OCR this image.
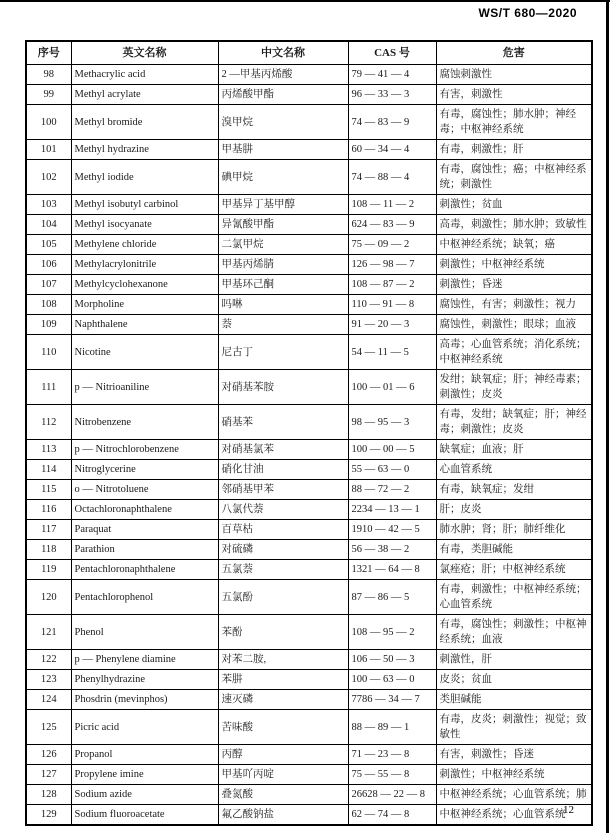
WS/T 680—2020
序号	英文名称	中文名称	CAS 号	危害
98	Methacrylic acid	2 —甲基丙烯酸	79 — 41 — 4	腐蚀刺激性
99	Methyl acrylate	丙烯酸甲酯	96 — 33 — 3	有害，刺激性
100	Methyl bromide	溴甲烷	74 — 83 — 9	有毒，腐蚀性；肺水肿；神经毒；中枢神经系统
101	Methyl hydrazine	甲基肼	60 — 34 — 4	有毒，刺激性；肝
102	Methyl iodide	碘甲烷	74 — 88 — 4	有毒，腐蚀性；癌；中枢神经系统；刺激性
103	Methyl isobutyl carbinol	甲基异丁基甲醇	108 — 11 — 2	刺激性；贫血
104	Methyl isocyanate	异氰酸甲酯	624 — 83 — 9	高毒，刺激性；肺水肿；致敏性
105	Methylene chloride	二氯甲烷	75 — 09 — 2	中枢神经系统；缺氧；癌
106	Methylacrylonitrile	甲基丙烯腈	126 — 98 — 7	刺激性；中枢神经系统
107	Methylcyclohexanone	甲基环己酮	108 — 87 — 2	刺激性；昏迷
108	Morpholine	吗啉	110 — 91 — 8	腐蚀性，有害；刺激性；视力
109	Naphthalene	萘	91 — 20 — 3	腐蚀性，刺激性；眼球；血液
110	Nicotine	尼古丁	54 — 11 — 5	高毒；心血管系统；消化系统；中枢神经系统
111	p — Nitrioaniline	对硝基苯胺	100 — 01 — 6	发绀；缺氧症；肝；神经毒素；刺激性；皮炎
112	Nitrobenzene	硝基苯	98 — 95 — 3	有毒，发绀；缺氧症；肝；神经毒；刺激性；皮炎
113	p — Nitrochlorobenzene	对硝基氯苯	100 — 00 — 5	缺氧症；血液；肝
114	Nitroglycerine	硝化甘油	55 — 63 — 0	心血管系统
115	o — Nitrotoluene	邻硝基甲苯	88 — 72 — 2	有毒，缺氧症；发绀
116	Octachloronaphthalene	八氯代萘	2234 — 13 — 1	肝；皮炎
117	Paraquat	百草枯	1910 — 42 — 5	肺水肿；肾；肝；肺纤维化
118	Parathion	对硫磷	56 — 38 — 2	有毒，类胆碱能
119	Pentachloronaphthalene	五氯萘	1321 — 64 — 8	氯痤疮；肝；中枢神经系统
120	Pentachlorophenol	五氯酚	87 — 86 — 5	有毒，刺激性；中枢神经系统；心血管系统
121	Phenol	苯酚	108 — 95 — 2	有毒，腐蚀性；刺激性；中枢神经系统；血液
122	p — Phenylene diamine	对苯二胺,	106 — 50 — 3	刺激性，肝
123	Phenylhydrazine	苯肼	100 — 63 — 0	皮炎；贫血
124	Phosdrin (mevinphos)	速灭磷	7786 — 34 — 7	类胆碱能
125	Picric acid	苦味酸	88 — 89 — 1	有毒，皮炎；刺激性；视觉；致敏性
126	Propanol	丙醇	71 — 23 — 8	有害，刺激性；昏迷
127	Propylene imine	甲基吖丙啶	75 — 55 — 8	刺激性；中枢神经系统
128	Sodium azide	叠氮酸	26628 — 22 — 8	中枢神经系统；心血管系统；肺
129	Sodium fluoroacetate	氟乙酸钠盐	62 — 74 — 8	中枢神经系统；心血管系统
12
